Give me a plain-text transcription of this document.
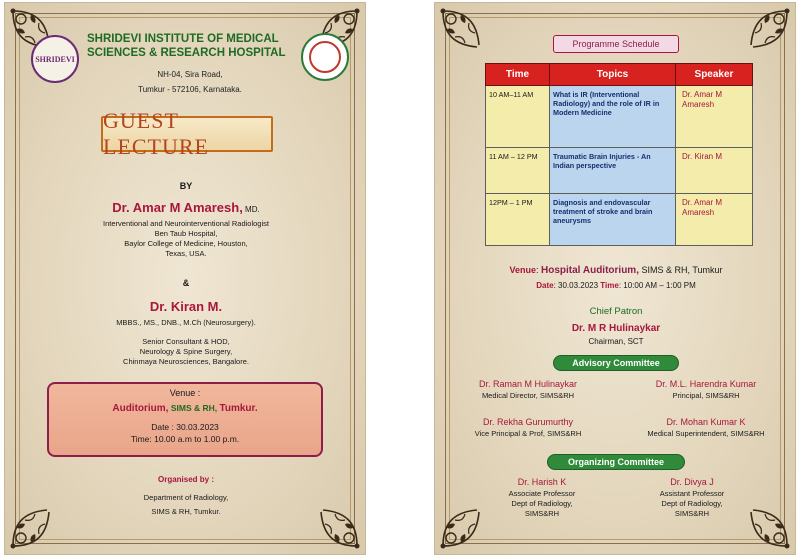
SHRIDEVI
SHRIDEVI INSTITUTE OF MEDICAL SCIENCES & RESEARCH HOSPITAL
NH-04, Sira Road,
Tumkur - 572106, Karnataka.
GUEST LECTURE
BY
Dr. Amar M Amaresh, MD.
Interventional and Neurointerventional Radiologist
Ben Taub Hospital,
Baylor College of Medicine, Houston,
Texas, USA.
&
Dr. Kiran M.
MBBS., MS., DNB., M.Ch (Neurosurgery).
Senior Consultant & HOD,
Neurology & Spine Surgery,
Chinmaya Neurosciences, Bangalore.
Venue :
Auditorium, SIMS & RH, Tumkur.
Date : 30.03.2023
Time: 10.00 a.m to 1.00 p.m.
Organised by :
Department of Radiology,
SIMS & RH, Tumkur.
Programme Schedule
Time	Topics	Speaker
10 AM–11 AM	What is IR (Interventional Radiology) and the role of IR in Modern Medicine	Dr. Amar M Amaresh
11 AM – 12 PM	Traumatic Brain Injuries - An Indian perspective	Dr. Kiran M
12PM – 1 PM	Diagnosis and endovascular treatment of stroke and brain aneurysms	Dr. Amar M Amaresh
Venue: Hospital Auditorium, SIMS & RH, Tumkur
Date: 30.03.2023 Time: 10:00 AM – 1:00 PM
Chief Patron
Dr. M R Hulinaykar
Chairman, SCT
Advisory Committee
Dr. Raman M Hulinaykar
Medical Director, SIMS&RH
Dr. M.L. Harendra Kumar
Principal, SIMS&RH
Dr. Rekha Gurumurthy
Vice Principal & Prof, SIMS&RH
Dr. Mohan Kumar K
Medical Superintendent, SIMS&RH
Organizing Committee
Dr. Harish K
Associate Professor
Dept of Radiology,
SIMS&RH
Dr. Divya J
Assistant Professor
Dept of Radiology,
SIMS&RH
